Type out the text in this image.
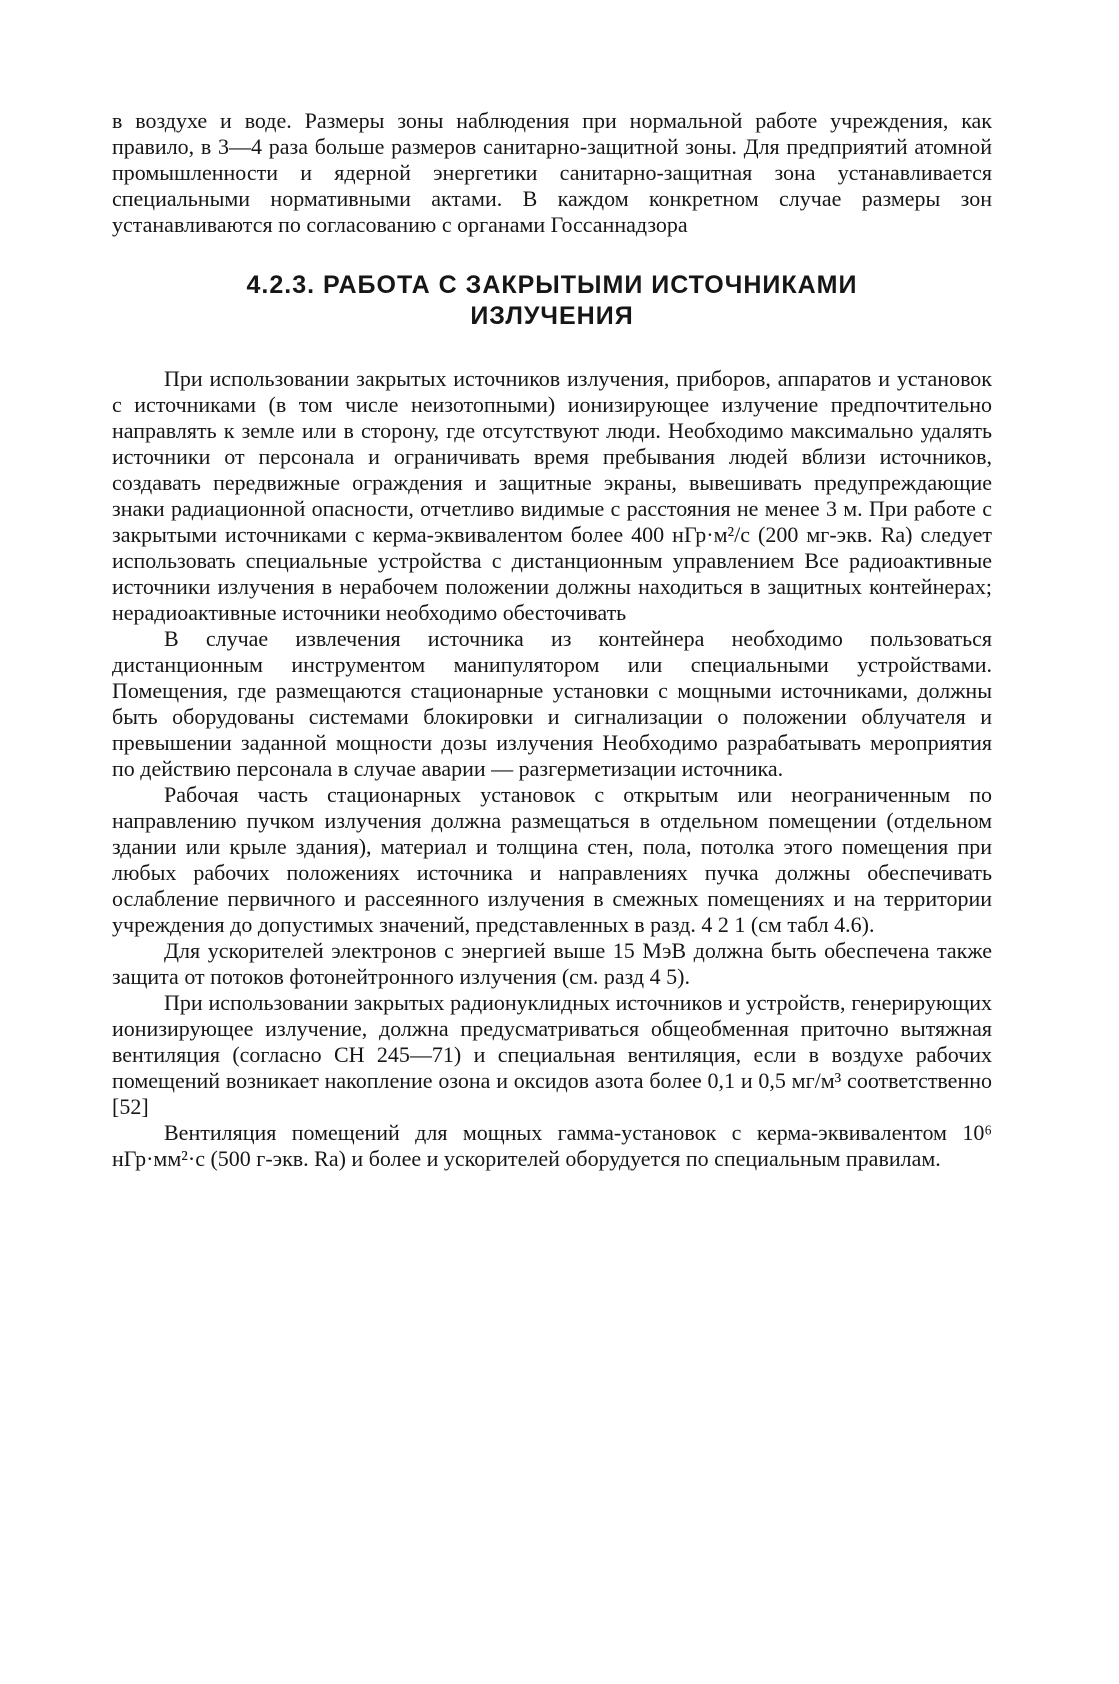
в воздухе и воде. Размеры зоны наблюдения при нормальной работе учреждения, как правило, в 3—4 раза больше размеров санитарно-защитной зоны. Для предприятий атомной промышленности и ядерной энергетики санитарно-защитная зона устанавливается специальными нормативными актами. В каждом конкретном случае размеры зон устанавливаются по согласованию с органами Госсаннадзора

4.2.3. РАБОТА С ЗАКРЫТЫМИ ИСТОЧНИКАМИ
ИЗЛУЧЕНИЯ

При использовании закрытых источников излучения, приборов, аппаратов и установок с источниками (в том числе неизотопными) ионизирующее излучение предпочтительно направлять к земле или в сторону, где отсутствуют люди. Необходимо максимально удалять источники от персонала и ограничивать время пребывания людей вблизи источников, создавать передвижные ограждения и защитные экраны, вывешивать предупреждающие знаки радиационной опасности, отчетливо видимые с расстояния не менее 3 м. При работе с закрытыми источниками с керма-эквивалентом более 400 нГр·м²/с (200 мг-экв. Ra) следует использовать специальные устройства с дистанционным управлением Все радиоактивные источники излучения в нерабочем положении должны находиться в защитных контейнерах; нерадиоактивные источники необходимо обесточивать

В случае извлечения источника из контейнера необходимо пользоваться дистанционным инструментом манипулятором или специальными устройствами. Помещения, где размещаются стационарные установки с мощными источниками, должны быть оборудованы системами блокировки и сигнализации о положении облучателя и превышении заданной мощности дозы излучения Необходимо разрабатывать мероприятия по действию персонала в случае аварии — разгерметизации источника.

Рабочая часть стационарных установок с открытым или неограниченным по направлению пучком излучения должна размещаться в отдельном помещении (отдельном здании или крыле здания), материал и толщина стен, пола, потолка этого помещения при любых рабочих положениях источника и направлениях пучка должны обеспечивать ослабление первичного и рассеянного излучения в смежных помещениях и на территории учреждения до допустимых значений, представленных в разд. 4 2 1 (см табл 4.6).

Для ускорителей электронов с энергией выше 15 МэВ должна быть обеспечена также защита от потоков фотонейтронного излучения (см. разд 4 5).

При использовании закрытых радионуклидных источников и устройств, генерирующих ионизирующее излучение, должна предусматриваться общеобменная приточно вытяжная вентиляция (согласно СН 245—71) и специальная вентиляция, если в воздухе рабочих помещений возникает накопление озона и оксидов азота более 0,1 и 0,5 мг/м³ соответственно [52]

Вентиляция помещений для мощных гамма-установок с керма-эквивалентом 10⁶ нГр·мм²·с (500 г-экв. Ra) и более и ускорителей оборудуется по специальным правилам.
